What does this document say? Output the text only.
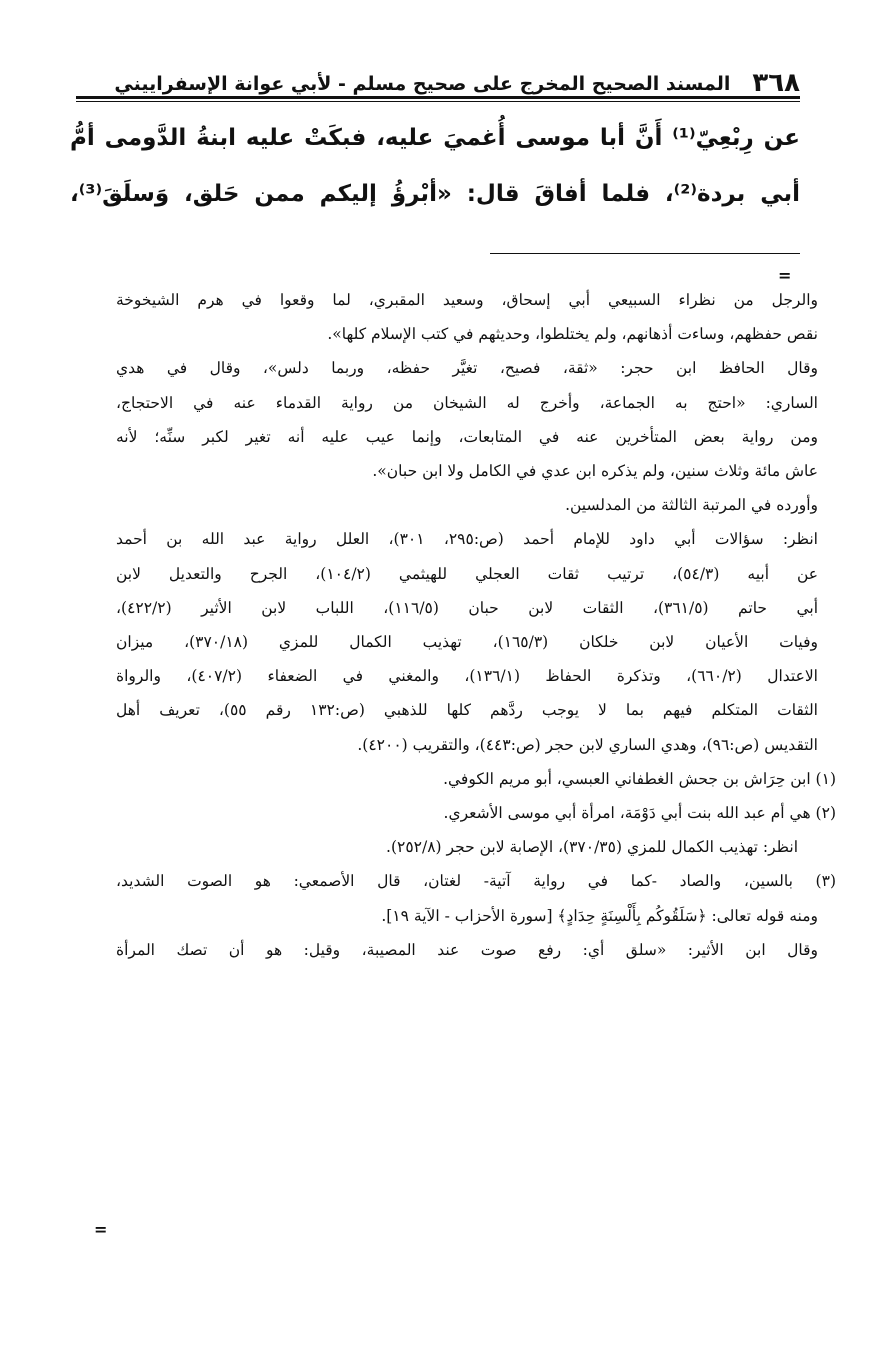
٣٦٨
المسند الصحيح المخرج على صحيح مسلم - لأبي عوانة الإسفراييني
عن رِبْعِيّ⁽¹⁾ أَنَّ أبا موسى أُغميَ عليه، فبكَتْ عليه ابنةُ الدَّومى أمُّ
أبي بردة⁽²⁾، فلما أفاقَ قال: «أبْرؤُ إليكم ممن حَلق، وَسلَقَ⁽³⁾،
=
والرجل من نظراء السبيعي أبي إسحاق، وسعيد المقبري، لما وقعوا في هرم الشيخوخة
نقص حفظهم، وساءت أذهانهم، ولم يختلطوا، وحديثهم في كتب الإسلام كلها».
وقال الحافظ ابن حجر: «ثقة، فصيح، تغيَّر حفظه، وربما دلس»، وقال في هدي
الساري: «احتج به الجماعة، وأخرج له الشيخان من رواية القدماء عنه في الاحتجاج،
ومن رواية بعض المتأخرين عنه في المتابعات، وإنما عيب عليه أنه تغير لكبر سنِّه؛ لأنه
عاش مائة وثلاث سنين، ولم يذكره ابن عدي في الكامل ولا ابن حبان».
وأورده في المرتبة الثالثة من المدلسين.
انظر: سؤالات أبي داود للإمام أحمد (ص:٢٩٥، ٣٠١)، العلل رواية عبد الله بن أحمد
عن أبيه (٥٤/٣)، ترتيب ثقات العجلي للهيثمي (١٠٤/٢)، الجرح والتعديل لابن
أبي حاتم (٣٦١/٥)، الثقات لابن حبان (١١٦/٥)، اللباب لابن الأثير (٤٢٢/٢)،
وفيات الأعيان لابن خلكان (١٦٥/٣)، تهذيب الكمال للمزي (٣٧٠/١٨)، ميزان
الاعتدال (٦٦٠/٢)، وتذكرة الحفاظ (١٣٦/١)، والمغني في الضعفاء (٤٠٧/٢)، والرواة
الثقات المتكلم فيهم بما لا يوجب ردَّهم كلها للذهبي (ص:١٣٢ رقم ٥٥)، تعريف أهل
التقديس (ص:٩٦)، وهدي الساري لابن حجر (ص:٤٤٣)، والتقريب (٤٢٠٠).
(١) ابن حِرَاش بن جحش الغطفاني العبسي، أبو مريم الكوفي.
(٢) هي أم عبد الله بنت أبي دَوْمَة، امرأة أبي موسى الأشعري.
انظر: تهذيب الكمال للمزي (٣٧٠/٣٥)، الإصابة لابن حجر (٢٥٢/٨).
(٣) بالسين، والصاد -كما في رواية آتية- لغتان، قال الأصمعي: هو الصوت الشديد،
ومنه قوله تعالى: ﴿سَلَقُوكُم بِأَلْسِنَةٍ حِدَادٍ﴾ [سورة الأحزاب - الآية ١٩].
وقال ابن الأثير: «سلق أي: رفع صوت عند المصيبة، وقيل: هو أن تصك المرأة
=
